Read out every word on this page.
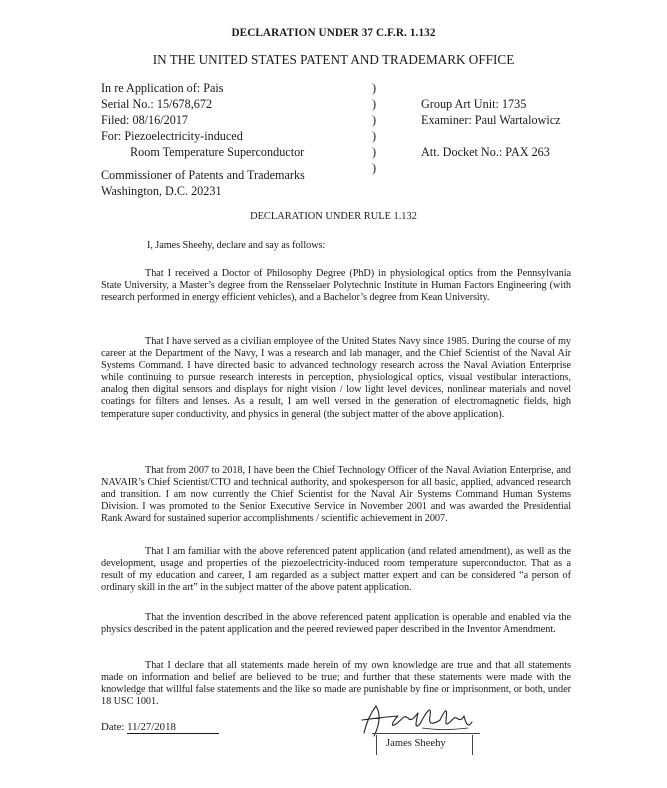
DECLARATION UNDER 37 C.F.R. 1.132
IN THE UNITED STATES PATENT AND TRADEMARK OFFICE
In re Application of: Pais
Serial No.: 15/678,672
Filed: 08/16/2017
For: Piezoelectricity-induced
Room Temperature Superconductor
)
)
)
)
)
)
Group Art Unit: 1735
Examiner: Paul Wartalowicz
Att. Docket No.: PAX 263
Commissioner of Patents and Trademarks
Washington, D.C. 20231
DECLARATION UNDER RULE 1.132
I, James Sheehy, declare and say as follows:
That I received a Doctor of Philosophy Degree (PhD) in physiological optics from the Pennsylvania State University, a Master’s degree from the Rensselaer Polytechnic Institute in Human Factors Engineering (with research performed in energy efficient vehicles), and a Bachelor’s degree from Kean University.
That I have served as a civilian employee of the United States Navy since 1985. During the course of my career at the Department of the Navy, I was a research and lab manager, and the Chief Scientist of the Naval Air Systems Command. I have directed basic to advanced technology research across the Naval Aviation Enterprise while continuing to pursue research interests in perception, physiological optics, visual vestibular interactions, analog then digital sensors and displays for night vision / low light level devices, nonlinear materials and novel coatings for filters and lenses. As a result, I am well versed in the generation of electromagnetic fields, high temperature super conductivity, and physics in general (the subject matter of the above application).
That from 2007 to 2018, I have been the Chief Technology Officer of the Naval Aviation Enterprise, and NAVAIR’s Chief Scientist/CTO and technical authority, and spokesperson for all basic, applied, advanced research and transition. I am now currently the Chief Scientist for the Naval Air Systems Command Human Systems Division. I was promoted to the Senior Executive Service in November 2001 and was awarded the Presidential Rank Award for sustained superior accomplishments / scientific achievement in 2007.
That I am familiar with the above referenced patent application (and related amendment), as well as the development, usage and properties of the piezoelectricity-induced room temperature superconductor. That as a result of my education and career, I am regarded as a subject matter expert and can be considered “a person of ordinary skill in the art” in the subject matter of the above patent application.
That the invention described in the above referenced patent application is operable and enabled via the physics described in the patent application and the peered reviewed paper described in the Inventor Amendment.
That I declare that all statements made herein of my own knowledge are true and that all statements made on information and belief are believed to be true; and further that these statements were made with the knowledge that willful false statements and the like so made are punishable by fine or imprisonment, or both, under 18 USC 1001.
Date: 11/27/2018
James Sheehy
